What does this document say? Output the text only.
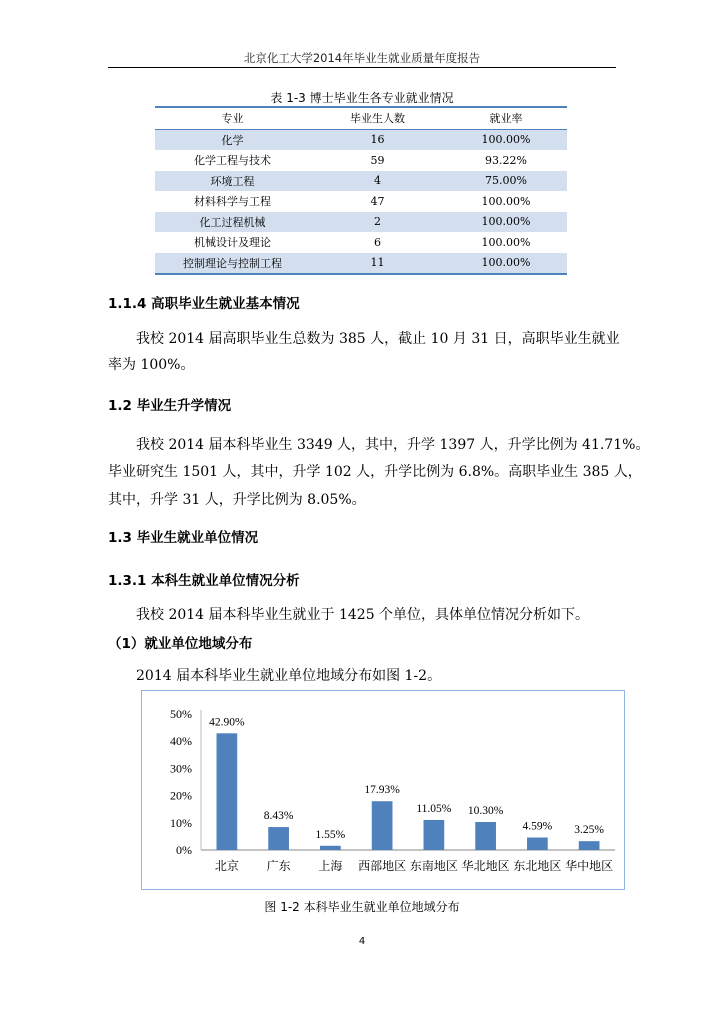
北京化工大学2014年毕业生就业质量年度报告
表 1-3 博士毕业生各专业就业情况
专业	毕业生人数	就业率
化学	16	100.00%
化学工程与技术	59	93.22%
环境工程	4	75.00%
材料科学与工程	47	100.00%
化工过程机械	2	100.00%
机械设计及理论	6	100.00%
控制理论与控制工程	11	100.00%
1.1.4 高职毕业生就业基本情况
我校 2014 届高职毕业生总数为 385 人，截止 10 月 31 日，高职毕业生就业
率为 100%。
1.2 毕业生升学情况
我校 2014 届本科毕业生 3349 人，其中，升学 1397 人，升学比例为 41.71%。
毕业研究生 1501 人，其中，升学 102 人，升学比例为 6.8%。高职毕业生 385 人，
其中，升学 31 人，升学比例为 8.05%。
1.3 毕业生就业单位情况
1.3.1 本科生就业单位情况分析
我校 2014 届本科毕业生就业于 1425 个单位，具体单位情况分析如下。
（1）就业单位地域分布
2014 届本科毕业生就业单位地域分布如图 1-2。
0%
10%
20%
30%
40%
50%
42.90%
北京
8.43%
广东
1.55%
上海
17.93%
西部地区
11.05%
东南地区
10.30%
华北地区
4.59%
东北地区
3.25%
华中地区
图 1-2 本科毕业生就业单位地域分布
4
